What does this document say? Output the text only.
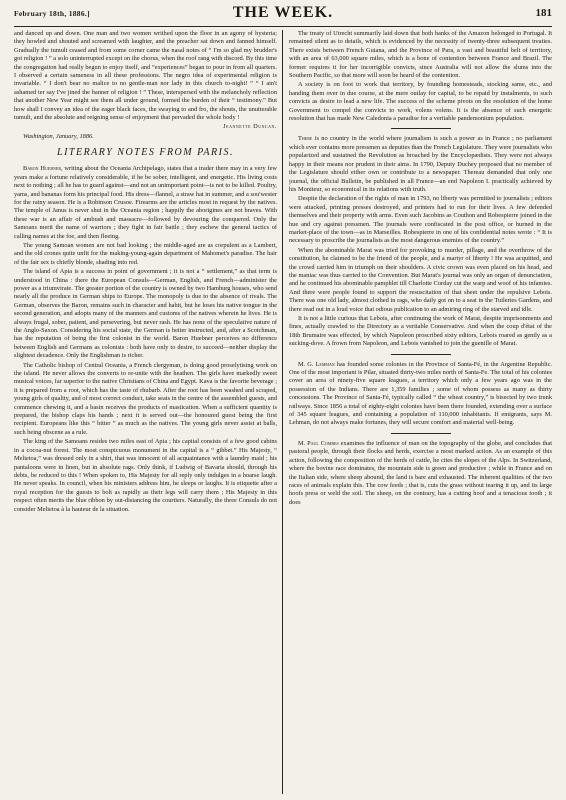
February 18th, 1886.]	THE WEEK.	181

and danced up and down. One man and two women writhed upon the floor in an agony of hysteria; they howled and shouted and screamed with laughter, and the preacher sat down and fanned himself. Gradually the tumult ceased and from some corner came the nasal notes of “ I'm so glad my brudder's got religion ! ” a solo uninterrupted except on the chorus, when the roof rang with discord. By this time the congregation had really begun to enjoy itself, and “experiences” began to pour in from all quarters. I observed a certain sameness in all these professions. The negro idea of experimental religion is invariable. “ I don't bear no malice to no gentle-man nor lady in this church to-night! ” “ I ain't ashamed ter say I've jined the banner of religion ! ” These, interspersed with the melancholy reflection that another New Year might see them all under ground, formed the burden of their “ testimony.” But how shall I convey an idea of the eager black faces, the swaying to and fro, the shouts, the unutterable tumult, and the absolute and reigning sense of enjoyment that pervaded the whole body !

Jeannette Duncan.
Washington, January, 1886.
LITERARY NOTES FROM PARIS.

Baron Huebner, writing about the Oceania Archipelago, states that a trader there may in a very few years make a fortune relatively considerable, if he be sober, intelligent, and energetic. His living costs next to nothing ; all he has to guard against—and not an unimportant point—is not to be killed. Poultry, yams, and bananas form his principal food. His dress—flannel, a straw hat in summer, and a sou'wester for the rainy season. He is a Robinson Crusoe. Firearms are the articles most in request by the natives. The temple of Janus is never shut in the Oceania region ; happily the aborigines are not braves. With these war is an affair of ambush and massacre—followed by devouring the conquered. Only the Samoans merit the name of warriors ; they fight in fair battle ; they eschew the general tactics of calling names at the foe, and then fleeing.

The young Samoan women are not bad looking ; the middle-aged are as corpulent as a Lambert, and the old crones quite unfit for the making-young-again department of Mahomet's paradise. The hair of the fair sex is chiefly blonde, shading into red.

The island of Apia is a success in point of government ; it is not a “ settlement,” as that term is understood in China : there the European Consuls—German, English, and French—administer the power as a triumvirate. The greater portion of the country is owned by two Hamburg houses, who send nearly all the produce in German ships to Europe. The monopoly is due to the absence of rivals. The German, observes the Baron, remains such in character and habit, but he loses his native tongue in the second generation, and adopts many of the manners and customs of the natives wherein he lives. He is always frugal, sober, patient, and persevering, but never rash. He has none of the speculative nature of the Anglo-Saxon. Considering his social state, the German is better instructed, and, after a Scotchman, has the reputation of being the first colonist in the world. Baron Huebner perceives no difference between English and Germans as colonists : both have only to desire, to succeed—neither display the slightest decadence. Only the Englishman is richer.

The Catholic bishop of Central Oceania, a French clergyman, is doing good proselytising work on the island. He never allows the converts to re-unite with the heathen. The girls have markedly sweet musical voices, far superior to the native Christians of China and Egypt. Kava is the favorite beverage ; it is prepared from a root, which has the taste of rhubarb. After the root has been washed and scraped, young girls of quality, and of most correct conduct, take seats in the centre of the assembled guests, and commence chewing it, and a basin receives the products of mastication. When a sufficient quantity is prepared, the bishop claps his hands ; next it is served out—the honoured guest being the first recipient. Europeans like this “ bitter ” as much as the natives. The young girls never assist at balls, such being obscene as a rule.

The king of the Samoans resides two miles east of Apia ; his capital consists of a few good cabins in a cocoa-nut forest. The most conspicuous monument in the capital is a “ gibbet.” His Majesty, “ Melietoa,” was dressed only in a shirt, that was innocent of all acquaintance with a laundry maid ; his pantaloons were in linen, but in absolute rags. Only think, if Ludwig of Bavaria should, through his debts, be reduced to this ! When spoken to, His Majesty for all reply only indulges in a hoarse laugh. He never speaks. In council, when his ministers address him, he sleeps or laughs. It is etiquette after a royal reception for the guests to bolt as rapidly as their legs will carry them ; His Majesty in this respect often merits the blue ribbon by out-distancing the courtiers. Naturally, the three Consuls do not consider Melietoa à la hauteur de la situation.

The treaty of Utrecht summarily laid down that both banks of the Amazon belonged to Portugal. It remained silent as to details, which is evidenced by the necessity of twenty-three subsequent treaties. There exists between French Guiana, and the Province of Para, a vast and beautiful belt of territory, with an area of 63,000 square miles, which is a bone of contention between France and Brazil. The former requires it for her incorrigible convicts, since Australia will not allow the slums into the Southern Pacific, so that more will soon be heard of the contention.

A society is on foot to work that territory, by founding homesteads, stocking same, etc., and handing them over in due course, at the mere outlay for capital, to be repaid by instalments, to such convicts as desire to lead a new life. The success of the scheme pivots on the resolution of the home Government to compel the convicts to work, volens volens. It is the absence of such energetic resolution that has made New Caledonia a paradise for a veritable pandemonium population.

There is no country in the world where journalism is such a power as in France ; no parliament which ever contains more pressmen as deputies than the French Legislature. They were journalists who popularized and sustained the Revolution as broached by the Encyclopædists. They were not always happy in their means nor prudent in their aims. In 1790, Deputy Duchey proposed that no member of the Legislature should either own or contribute to a newspaper. Thereau demanded that only one journal, the official Bulletin, be published in all France—an end Napoleon I. practically achieved by his Moniteur, so economical in its relations with truth.

Despite the declaration of the rights of man in 1793, no liberty was permitted to journalists ; editors were attacked, printing presses destroyed, and printers had to run for their lives. A few defended themselves and their property with arms. Even such Jacobins as Couthon and Robespierre joined in the hue and cry against pressmen. The journals were confiscated in the post office, or burned in the market-place of the town—as in Marseilles. Robespierre in one of his confidential notes wrote : “ It is necessary to proscribe the journalists as the most dangerous enemies of the country.”

When the abominable Marat was tried for provoking to murder, pillage, and the overthrow of the constitution, he claimed to be the friend of the people, and a martyr of liberty ! He was acquitted, and the crowd carried him in triumph on their shoulders. A civic crown was even placed on his head, and the maniac was thus carried to the Convention. But Marat's journal was only an organ of denunciation, and he continued his abominable pamphlet till Charlotte Corday cut the warp and woof of his infamies. And there were people found to support the resuscitation of that sheet under the repulsive Lebois. There was one old lady, almost clothed in rags, who daily got on to a seat in the Tuileries Gardens, and there read out in a loud voice that odious publication to an admiring ring of the starved and idle.

It is not a little curious that Lebois, after continuing the work of Marat, despite imprisonments and fines, actually crawled to the Directory as a veritable Conservative. And when the coup d'état of the 18th Brumaire was effected, by which Napoleon proscribed sixty editors, Lebois roared as gently as a sucking-dove. A frown from Napoleon, and Lebois vanished to join the guenille of Marat.

M. G. Lemman has founded some colonies in the Province of Santa-Fé, in the Argentine Republic. One of the most important is Pilar, situated thirty-two miles north of Santa-Fe. The total of his colonies cover an area of ninety-five square leagues, a territory which only a few years ago was in the possession of the Indians. There are 1,359 families ; some of whom possess as many as thirty concessions. The Province of Santa-Fé, typically called “ the wheat country,” is bisected by two trunk railways. Since 1856 a total of eighty-eight colonies have been there founded, extending over a surface of 345 square leagues, and containing a population of 110,000 inhabitants. If emigrants, says M. Lehman, do not always make fortunes, they will secure comfort and material well-being.

M. Paul Combes examines the influence of man on the topography of the globe, and concludes that pastoral people, through their flocks and herds, exercise a most marked action. As an example of this action, following the composition of the herds of cattle, he cites the slopes of the Alps. In Switzerland, where the bovine race dominates, the mountain side is green and productive ; while in France and on the Italian side, where sheep abound, the land is bare and exhausted. The inherent qualities of the two races of animals explain this. The cow feeds ; that is, cuts the grass without tearing it up, and its large hoofs press or weld the soil. The sheep, on the contrary, has a cutting hoof and a tenacious tooth ; it does
